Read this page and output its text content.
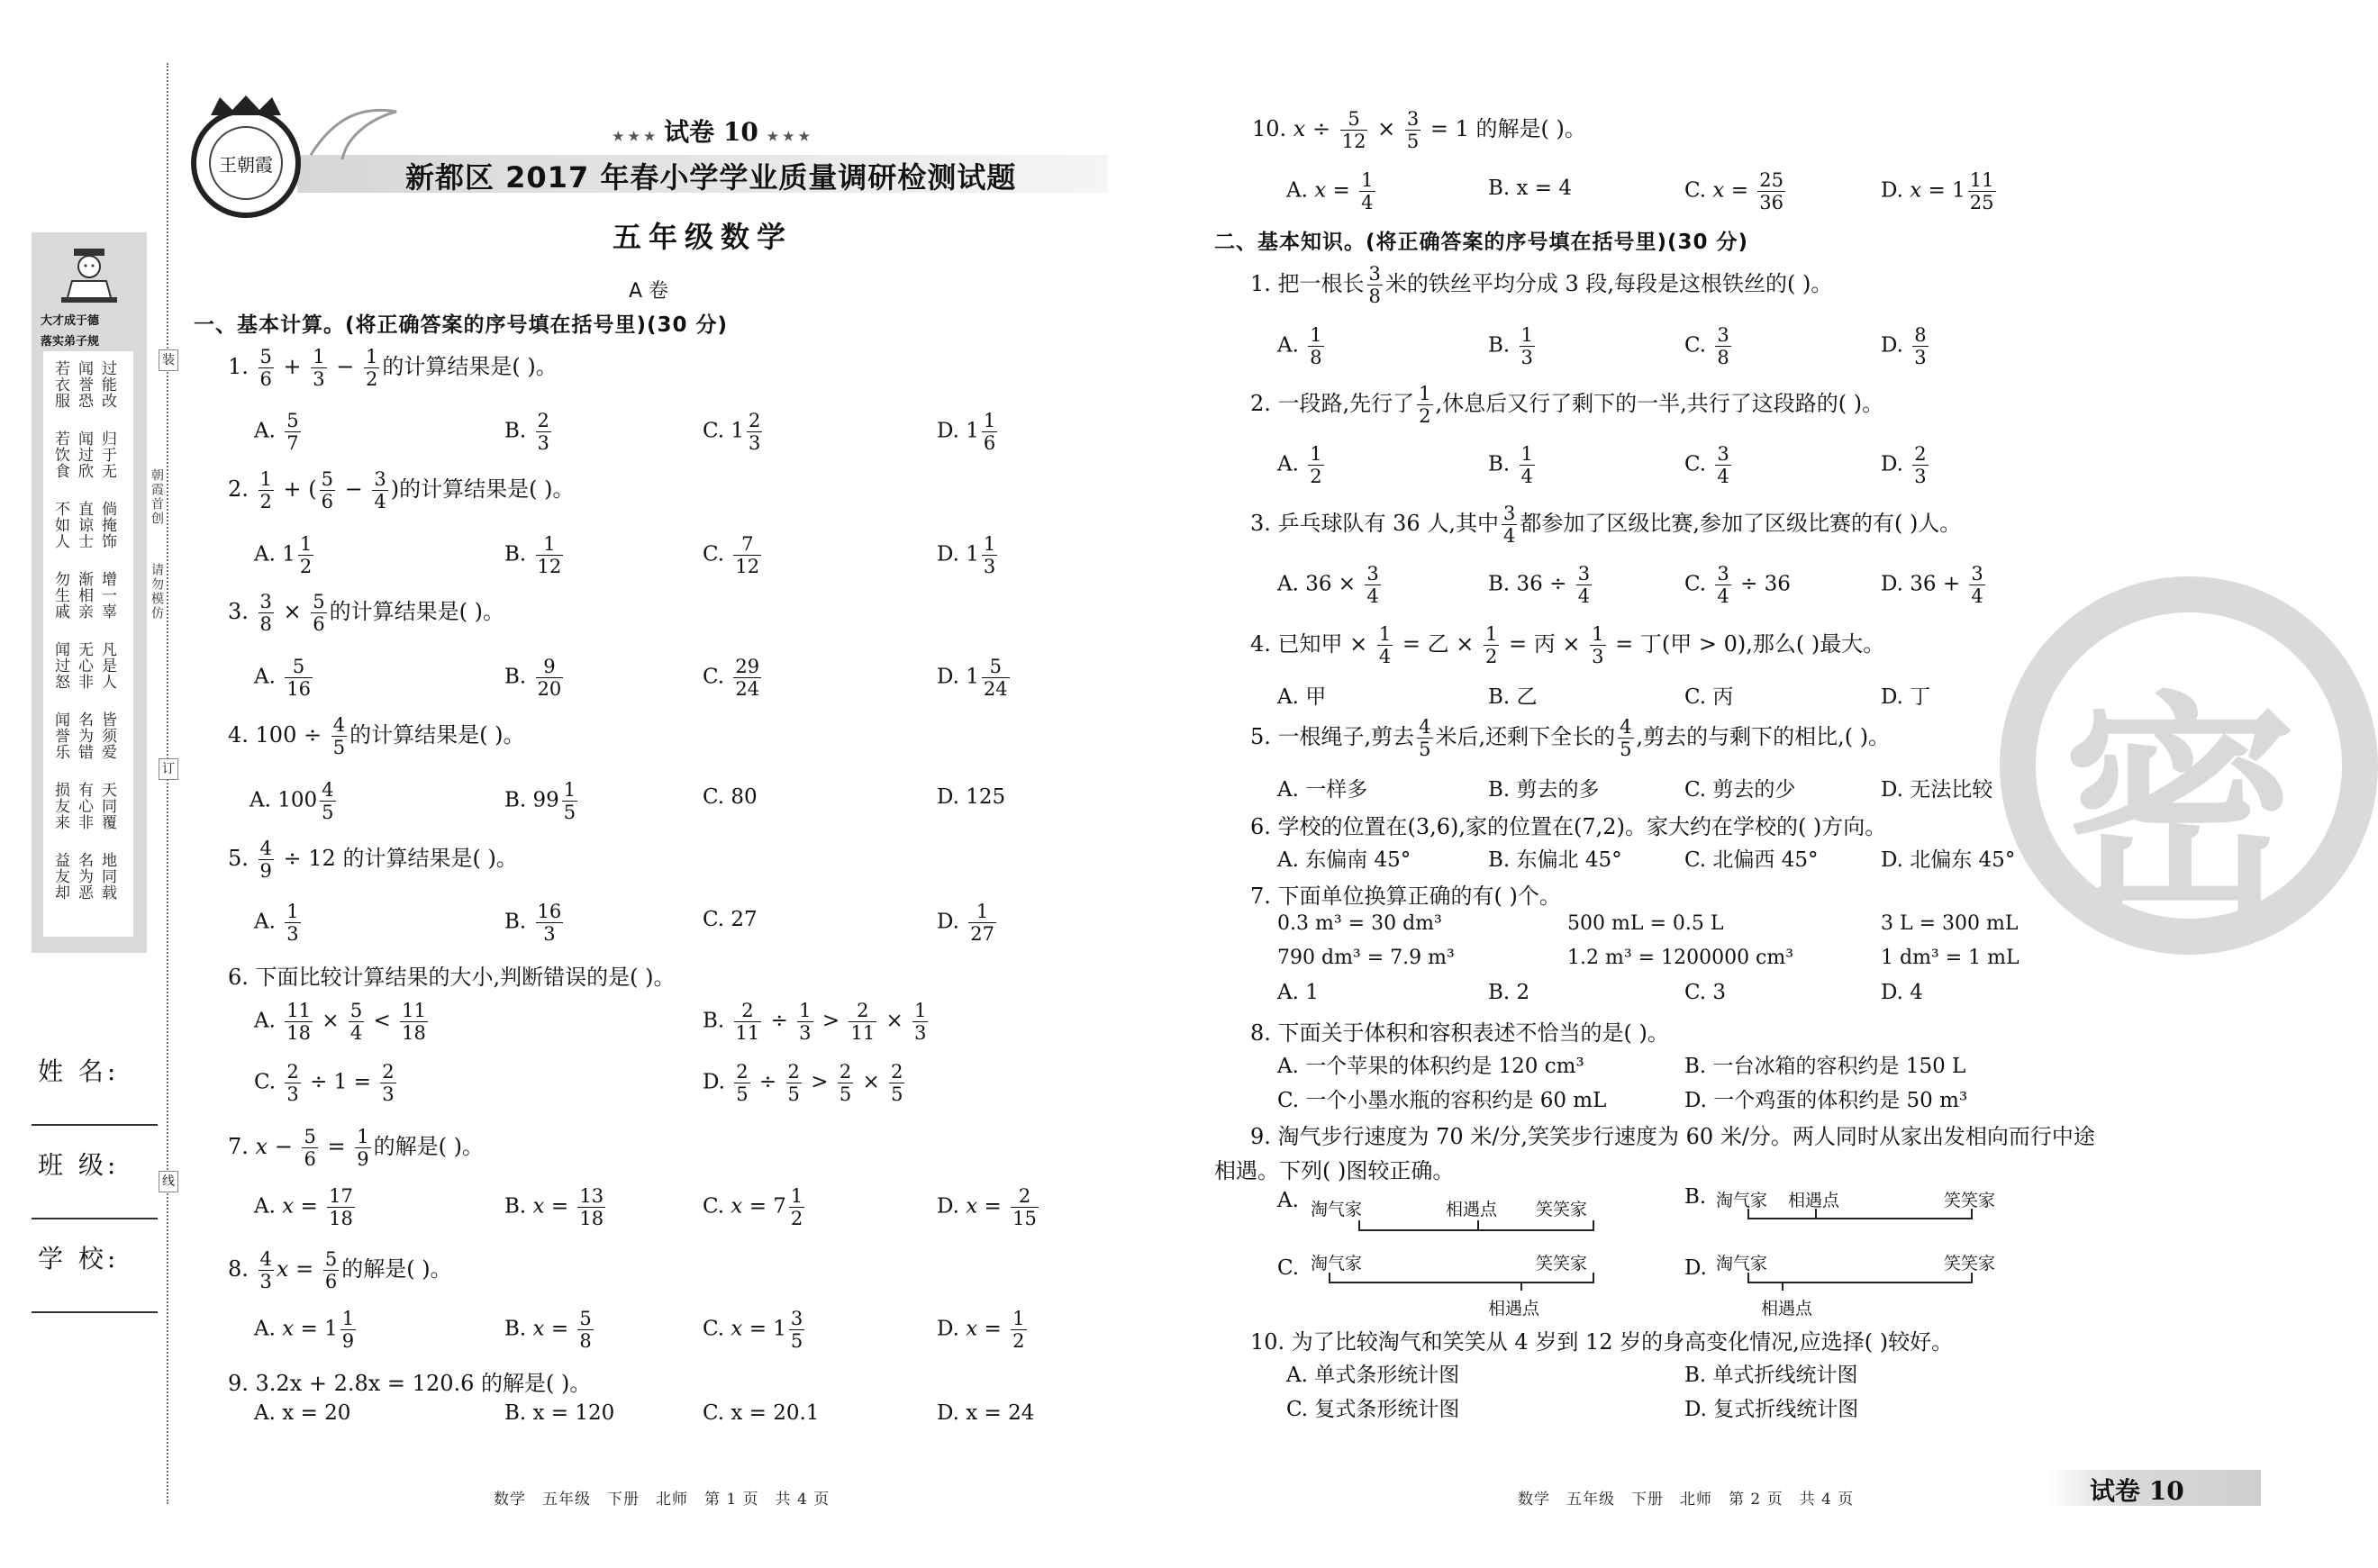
大才成于德
落实弟子规
若衣服 闻誉恐 过能改
若饮食 闻过欣 归于无
不如人 直谅士 倘掩饰
勿生戚 渐相亲 增一辜
闻过怒 无心非 凡是人
闻誉乐 名为错 皆须爱
损友来 有心非 天同覆
益友却 名为恶 地同载
装
订
线
朝霞首创
请勿模仿
姓 名:
班 级:
学 校:
王朝霞
★ ★ ★ 试卷 10 ★ ★ ★
新都区 2017 年春小学学业质量调研检测试题
五年级数学
A 卷
一、基本计算。(将正确答案的序号填在括号里)(30 分)
1. $\frac{5}{6} + \frac{1}{3} - \frac{1}{2}$ 的计算结果是( )。
A. $\frac{5}{7}$	B. $\frac{2}{3}$	C. $1 \frac{2}{3}$	D. $1 \frac{1}{6}$
2. $\frac{1}{2}$ + ( $\frac{5}{6} - \frac{3}{4}$ )的计算结果是( )。
A. $1 \frac{1}{2}$	B. $\frac{1}{12}$	C. $\frac{7}{12}$	D. $1 \frac{1}{3}$
3. $\frac{3}{8} \times \frac{5}{6}$ 的计算结果是( )。
A. $\frac{5}{16}$	B. $\frac{9}{20}$	C. $\frac{29}{24}$	D. $1 \frac{5}{24}$
4. $100 \div \frac{4}{5}$ 的计算结果是( )。
A. $100 \frac{4}{5}$	B. $99 \frac{1}{5}$	C. 80	D. 125
5. $\frac{4}{9} \div 12$ 的计算结果是( )。
A. $\frac{1}{3}$	B. $\frac{16}{3}$	C. 27	D. $\frac{1}{27}$
6. 下面比较计算结果的大小,判断错误的是( )。
A. $\frac{11}{18} \times \frac{5}{4} < \frac{11}{18}$	B. $\frac{2}{11} \div \frac{1}{3} > \frac{2}{11} \times \frac{1}{3}$
C. $\frac{2}{3} \div 1 = \frac{2}{3}$	D. $\frac{2}{5} \div \frac{2}{5} > \frac{2}{5} \times \frac{2}{5}$
7. $x - \frac{5}{6} = \frac{1}{9}$ 的解是( )。
A. $x = \frac{17}{18}$	B. $x = \frac{13}{18}$	C. $x = 7 \frac{1}{2}$	D. $x = \frac{2}{15}$
8. $\frac{4}{3}$ $x = \frac{5}{6}$ 的解是( )。
A. $x = 1 \frac{1}{9}$	B. $x = \frac{5}{8}$	C. $x = 1 \frac{3}{5}$	D. $x = \frac{1}{2}$
9. 3.2x + 2.8x = 120.6 的解是( )。
A. x = 20	B. x = 120	C. x = 20.1	D. x = 24
数学　五年级　下册　北师　第 1 页　共 4 页
密
10. $x \div \frac{5}{12} \times \frac{3}{5} = 1$ 的解是( )。
A. $x = \frac{1}{4}$	B. x = 4	C. $x = \frac{25}{36}$	D. $x = 1 \frac{11}{25}$
二、基本知识。(将正确答案的序号填在括号里)(30 分)
1. 把一根长 $\frac{3}{8}$ 米的铁丝平均分成 3 段,每段是这根铁丝的( )。
A. $\frac{1}{8}$	B. $\frac{1}{3}$	C. $\frac{3}{8}$	D. $\frac{8}{3}$
2. 一段路,先行了 $\frac{1}{2}$ ,休息后又行了剩下的一半,共行了这段路的( )。
A. $\frac{1}{2}$	B. $\frac{1}{4}$	C. $\frac{3}{4}$	D. $\frac{2}{3}$
3. 乒乓球队有 36 人,其中 $\frac{3}{4}$ 都参加了区级比赛,参加了区级比赛的有( )人。
A. $36 \times \frac{3}{4}$	B. $36 \div \frac{3}{4}$	C. $\frac{3}{4} \div 36$	D. $36 + \frac{3}{4}$
4. 已知甲 × $\frac{1}{4}$ = 乙 × $\frac{1}{2}$ = 丙 × $\frac{1}{3}$ = 丁(甲 > 0),那么( )最大。
A. 甲	B. 乙	C. 丙	D. 丁
5. 一根绳子,剪去 $\frac{4}{5}$ 米后,还剩下全长的 $\frac{4}{5}$ ,剪去的与剩下的相比,( )。
A. 一样多	B. 剪去的多	C. 剪去的少	D. 无法比较
6. 学校的位置在(3,6),家的位置在(7,2)。家大约在学校的( )方向。
A. 东偏南 45°	B. 东偏北 45°	C. 北偏西 45°	D. 北偏东 45°
7. 下面单位换算正确的有( )个。
0.3 m³ = 30 dm³	500 mL = 0.5 L	3 L = 300 mL
790 dm³ = 7.9 m³	1.2 m³ = 1200000 cm³	1 dm³ = 1 mL
A. 1	B. 2	C. 3	D. 4
8. 下面关于体积和容积表述不恰当的是( )。
A. 一个苹果的体积约是 120 cm³	B. 一台冰箱的容积约是 150 L
C. 一个小墨水瓶的容积约是 60 mL	D. 一个鸡蛋的体积约是 50 m³
9. 淘气步行速度为 70 米/分,笑笑步行速度为 60 米/分。两人同时从家出发相向而行中途
相遇。下列( )图较正确。
A. 淘气家	相遇点 笑笑家
B. 淘气家 相遇点	笑笑家
C. 淘气家	笑笑家
相遇点
D. 淘气家	笑笑家
相遇点
10. 为了比较淘气和笑笑从 4 岁到 12 岁的身高变化情况,应选择( )较好。
A. 单式条形统计图	B. 单式折线统计图
C. 复式条形统计图	D. 复式折线统计图
数学　五年级　下册　北师　第 2 页　共 4 页	试卷 10
